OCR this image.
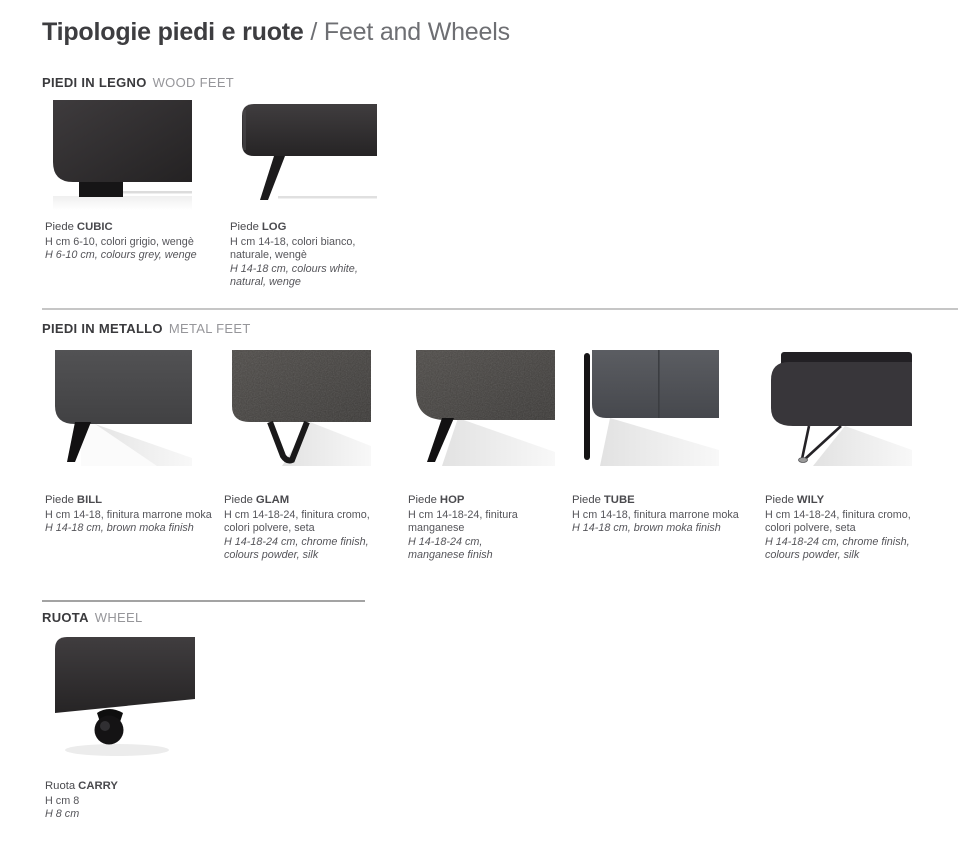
Tipologie piedi e ruote / Feet and Wheels
PIEDI IN LEGNO WOOD FEET
Piede CUBIC
H cm 6-10, colori grigio, wengè
H 6-10 cm, colours grey, wenge
Piede LOG
H cm 14-18, colori bianco,
naturale, wengè
H 14-18 cm, colours white,
natural, wenge
PIEDI IN METALLO METAL FEET
Piede BILL
H cm 14-18, finitura marrone moka
H 14-18 cm, brown moka finish
Piede GLAM
H cm 14-18-24, finitura cromo,
colori polvere, seta
H 14-18-24 cm, chrome finish,
colours powder, silk
Piede HOP
H cm 14-18-24, finitura
manganese
H 14-18-24 cm,
manganese finish
Piede TUBE
H cm 14-18, finitura marrone moka
H 14-18 cm, brown moka finish
Piede WILY
H cm 14-18-24, finitura cromo,
colori polvere, seta
H 14-18-24 cm, chrome finish,
colours powder, silk
RUOTA WHEEL
Ruota CARRY
H cm 8
H 8 cm
